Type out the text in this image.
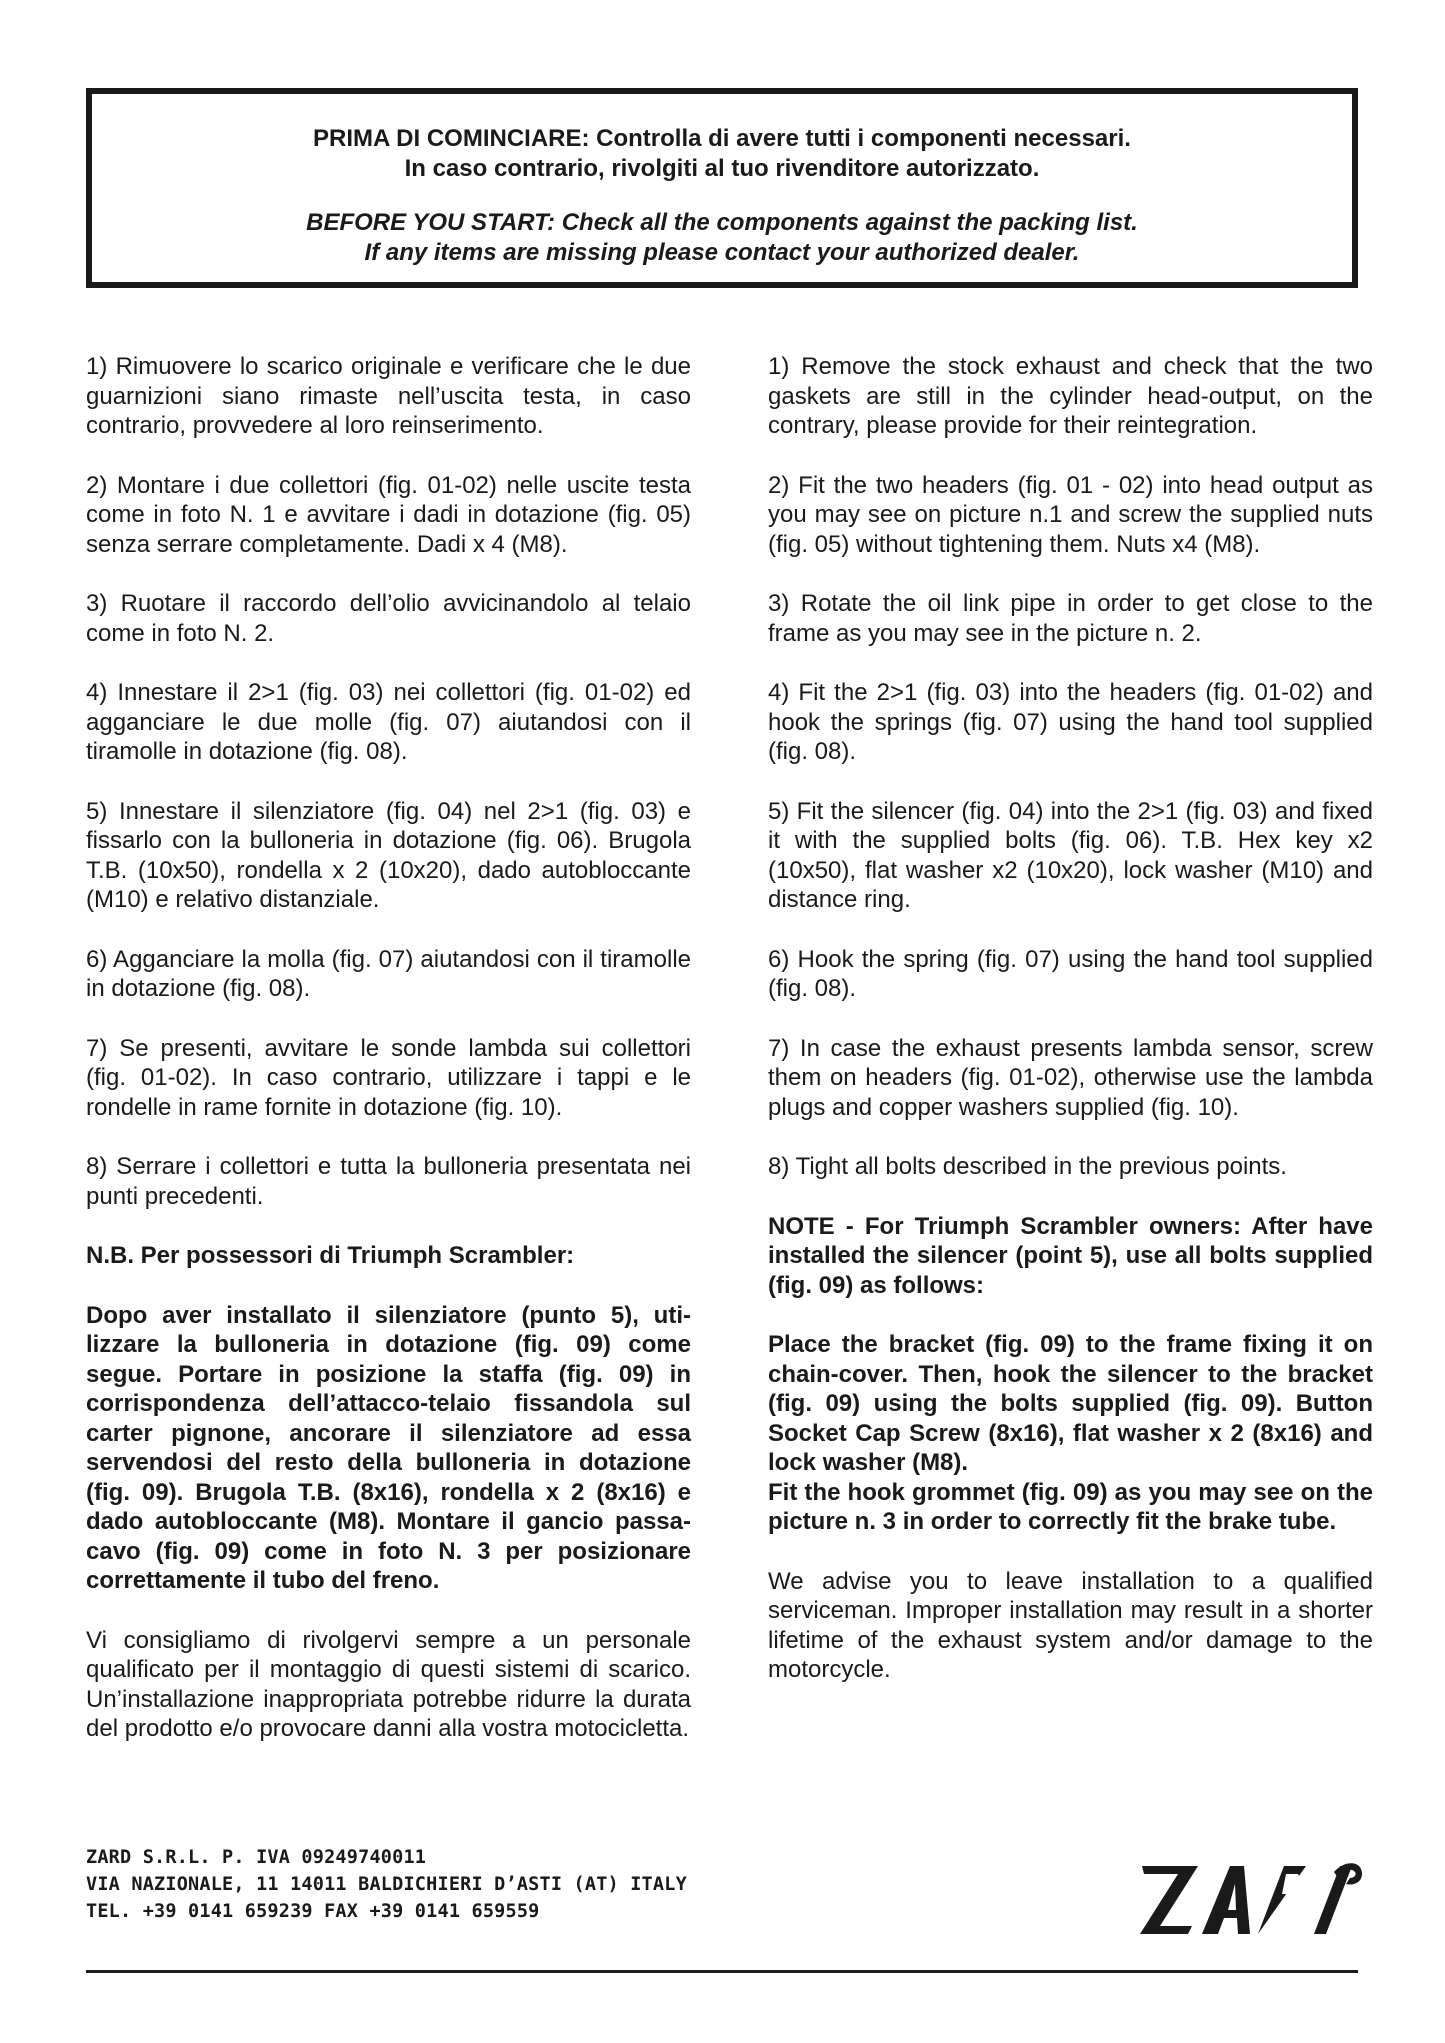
PRIMA DI COMINCIARE: Controlla di avere tutti i componenti necessari.

In caso contrario, rivolgiti al tuo rivenditore autorizzato.

BEFORE YOU START: Check all the components against the packing list.

If any items are missing please contact your authorized dealer.

1) Rimuovere lo scarico originale e verificare che le due guarnizioni siano rimaste nell’uscita testa, in caso contrario, provvedere al loro reinserimento.

2) Montare i due collettori (fig. 01-02) nelle uscite testa come in foto N. 1 e avvitare i dadi in dotazione (fig. 05) senza serrare completamente. Dadi x 4 (M8).

3) Ruotare il raccordo dell’olio avvicinandolo al telaio come in foto N. 2.

4) Innestare il 2>1 (fig. 03) nei collettori (fig. 01-02) ed agganciare le due molle (fig. 07) aiutandosi con il tiramolle in dotazione (fig. 08).

5) Innestare il silenziatore (fig. 04) nel 2>1 (fig. 03) e fissarlo con la bulloneria in dotazione (fig. 06). Brugola T.B. (10x50), rondella x 2 (10x20), dado autobloccante (M10) e relativo distanziale.

6) Agganciare la molla (fig. 07) aiutandosi con il tiramolle in dotazione (fig. 08).

7) Se presenti, avvitare le sonde lambda sui collettori (fig. 01-02). In caso contrario, utilizzare i tappi e le rondelle in rame fornite in dotazione (fig. 10).

8) Serrare i collettori e tutta la bulloneria presentata nei punti precedenti.

N.B. Per possessori di Triumph Scrambler:

Dopo aver installato il silenziatore (punto 5), utilizzare la bulloneria in dotazione (fig. 09) come segue. Portare in posizione la staffa (fig. 09) in corrispondenza dell’attacco-telaio fissandola sul carter pignone, ancorare il silenziatore ad essa servendosi del resto della bulloneria in dotazione (fig. 09). Brugola T.B. (8x16), rondella x 2 (8x16) e dado autobloccante (M8). Montare il gancio passa-cavo (fig. 09) come in foto N. 3 per posizionare correttamente il tubo del freno.

Vi consigliamo di rivolgervi sempre a un personale qualificato per il montaggio di questi sistemi di scarico. Un’installazione inappropriata potrebbe ridurre la durata del prodotto e/o provocare danni alla vostra motocicletta.

1) Remove the stock exhaust and check that the two gaskets are still in the cylinder head-output, on the contrary, please provide for their reintegration.

2) Fit the two headers (fig. 01 - 02) into head output as you may see on picture n.1 and screw the supplied nuts (fig. 05) without tightening them. Nuts x4 (M8).

3) Rotate the oil link pipe in order to get close to the frame as you may see in the picture n. 2.

4) Fit the 2>1 (fig. 03) into the headers (fig. 01-02) and hook the springs (fig. 07) using the hand tool supplied (fig. 08).

5) Fit the silencer (fig. 04) into the 2>1 (fig. 03) and fixed it with the supplied bolts (fig. 06). T.B. Hex key x2 (10x50), flat washer x2 (10x20), lock washer (M10) and distance ring.

6) Hook the spring (fig. 07) using the hand tool supplied (fig. 08).

7) In case the exhaust presents lambda sensor, screw them on headers (fig. 01-02), otherwise use the lambda plugs and copper washers supplied (fig. 10).

8) Tight all bolts described in the previous points.

NOTE - For Triumph Scrambler owners: After have installed the silencer (point 5), use all bolts supplied (fig. 09) as follows:

Place the bracket (fig. 09) to the frame fixing it on chain-cover. Then, hook the silencer to the bracket (fig. 09) using the bolts supplied (fig. 09). Button Socket Cap Screw (8x16), flat washer x 2 (8x16) and lock washer (M8).

Fit the hook grommet (fig. 09) as you may see on the picture n. 3 in order to correctly fit the brake tube.

We advise you to leave installation to a qualified serviceman. Improper installation may result in a shorter lifetime of the exhaust system and/or damage to the motorcycle.

ZARD S.R.L. P. IVA 09249740011
VIA NAZIONALE, 11 14011 BALDICHIERI D’ASTI (AT) ITALY
TEL. +39 0141 659239 FAX +39 0141 659559
ZARD
